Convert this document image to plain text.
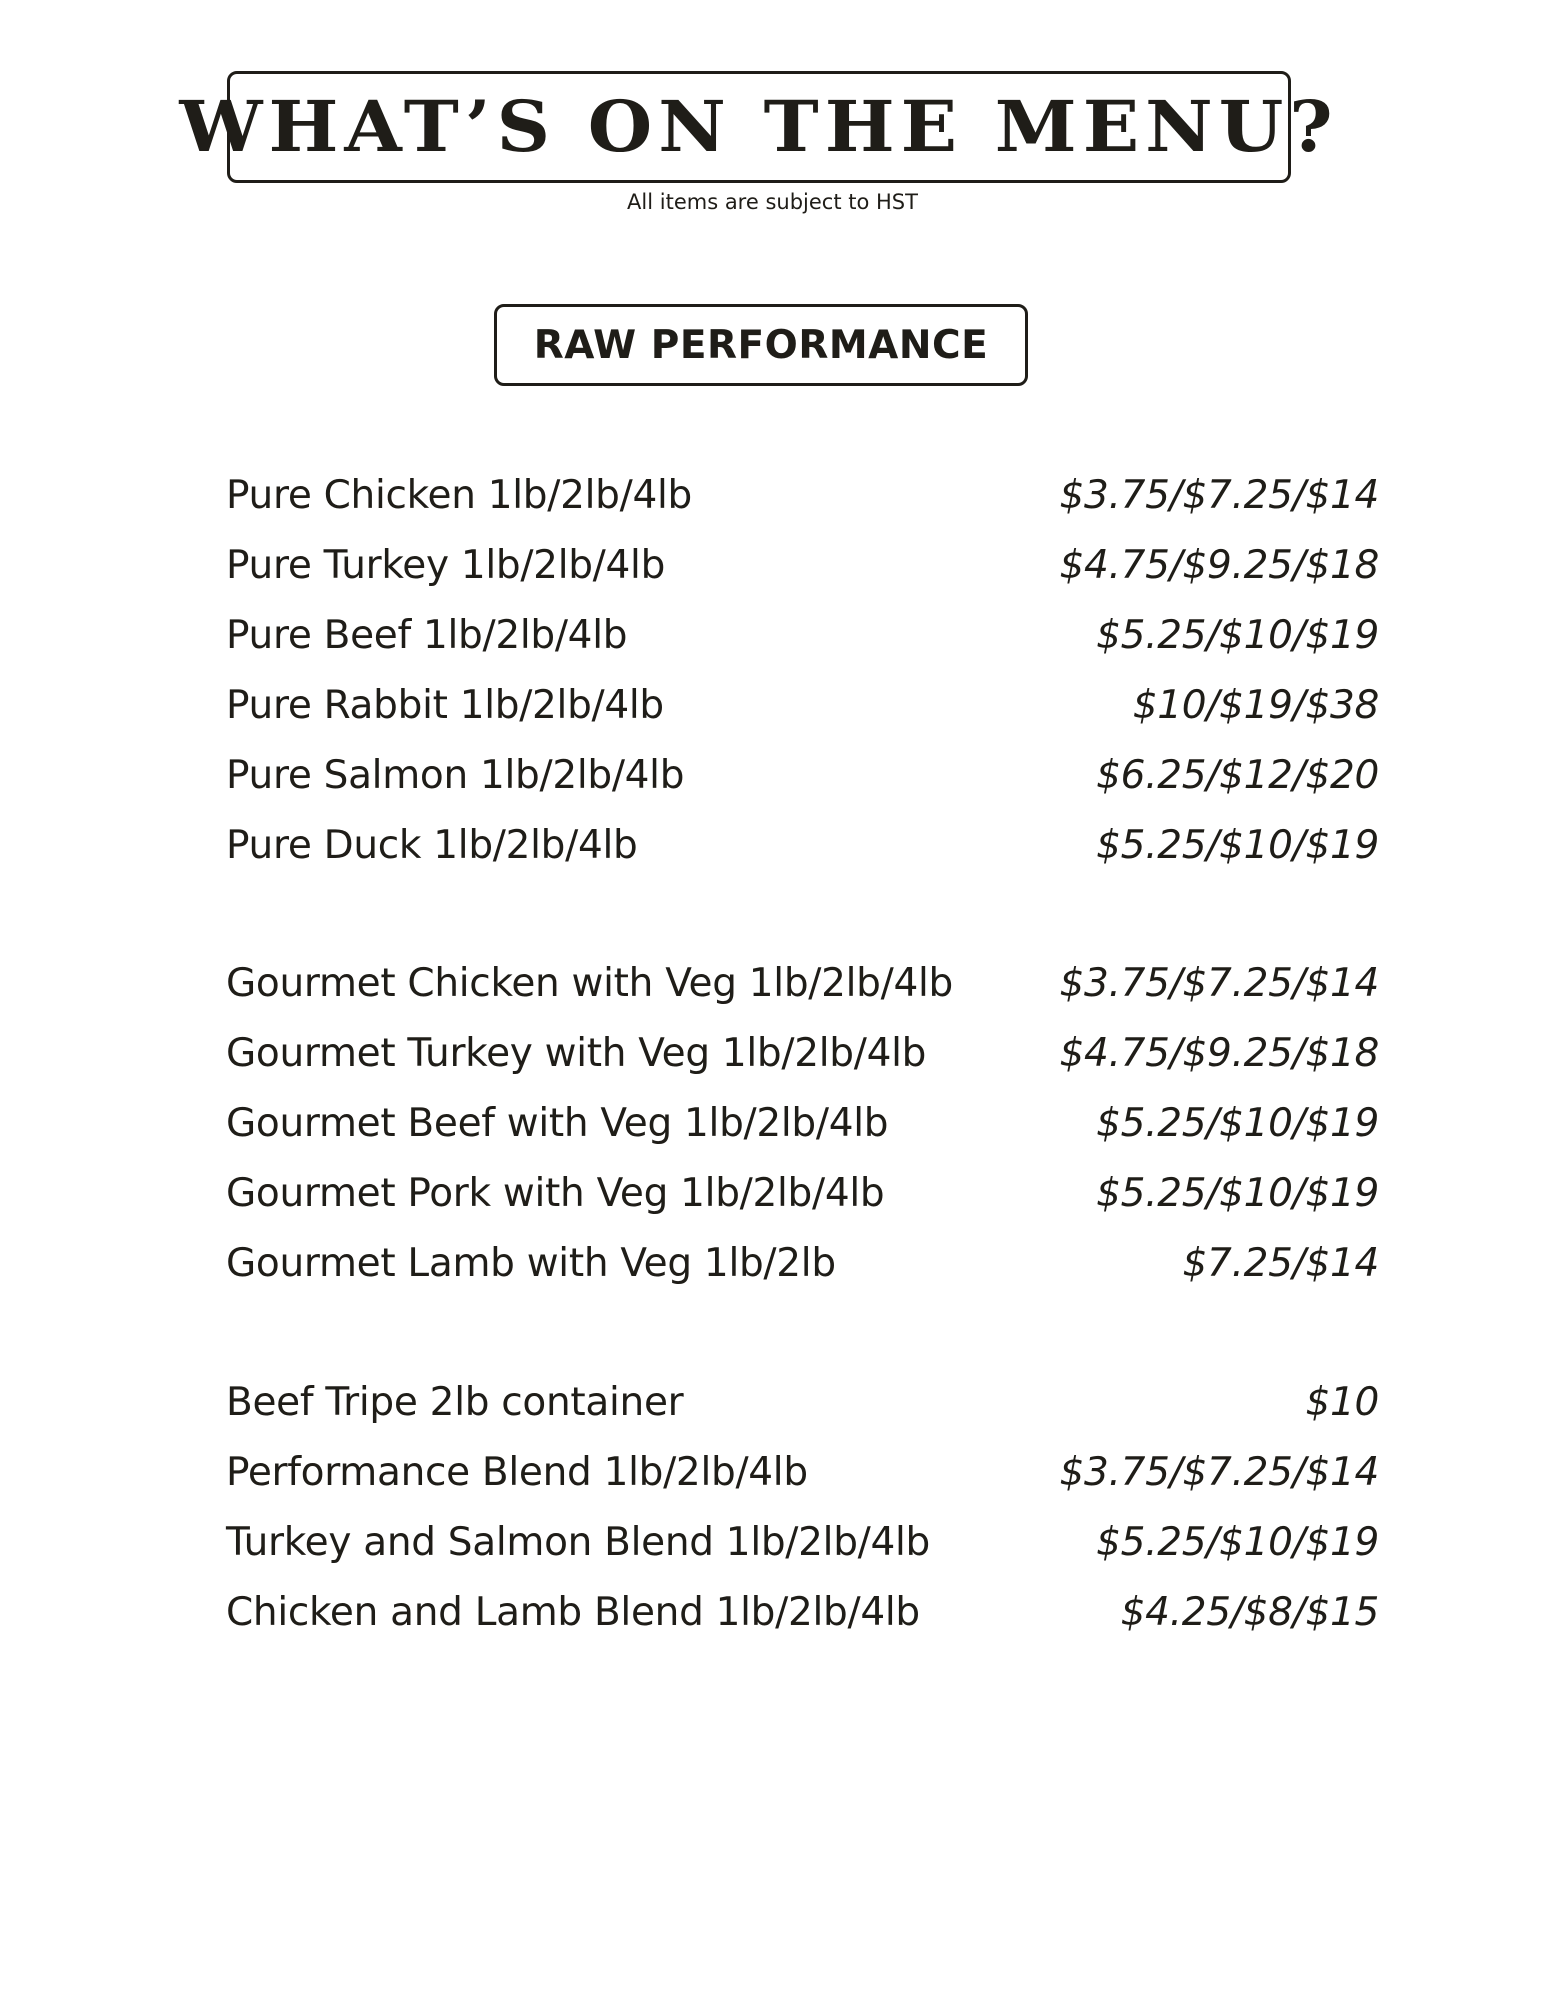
WHAT’S ON THE MENU?
All items are subject to HST
RAW PERFORMANCE
Pure Chicken 1lb/2lb/4lb	$3.75/$7.25/$14
Pure Turkey 1lb/2lb/4lb	$4.75/$9.25/$18
Pure Beef 1lb/2lb/4lb	$5.25/$10/$19
Pure Rabbit 1lb/2lb/4lb	$10/$19/$38
Pure Salmon 1lb/2lb/4lb	$6.25/$12/$20
Pure Duck 1lb/2lb/4lb	$5.25/$10/$19
Gourmet Chicken with Veg 1lb/2lb/4lb	$3.75/$7.25/$14
Gourmet Turkey with Veg 1lb/2lb/4lb	$4.75/$9.25/$18
Gourmet Beef with Veg 1lb/2lb/4lb	$5.25/$10/$19
Gourmet Pork with Veg 1lb/2lb/4lb	$5.25/$10/$19
Gourmet Lamb with Veg 1lb/2lb	$7.25/$14
Beef Tripe 2lb container	$10
Performance Blend 1lb/2lb/4lb	$3.75/$7.25/$14
Turkey and Salmon Blend 1lb/2lb/4lb	$5.25/$10/$19
Chicken and Lamb Blend 1lb/2lb/4lb	$4.25/$8/$15
